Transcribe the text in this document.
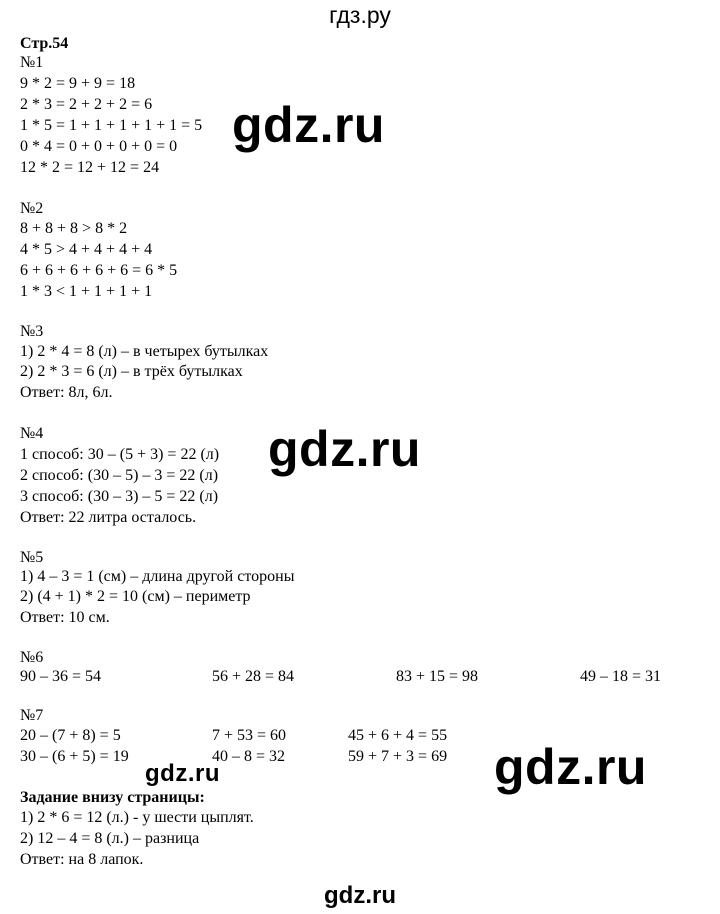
гдз.ру
Стр.54
№1
9 * 2 = 9 + 9 = 18
2 * 3 = 2 + 2 + 2 = 6
1 * 5 = 1 + 1 + 1 + 1 + 1 = 5
0 * 4 = 0 + 0 + 0 + 0 = 0
12 * 2 = 12 + 12 = 24
№2
8 + 8 + 8 > 8 * 2
4 * 5 > 4 + 4 + 4 + 4
6 + 6 + 6 + 6 + 6 = 6 * 5
1 * 3 < 1 + 1 + 1 + 1
№3
1) 2 * 4 = 8 (л) – в четырех бутылках
2) 2 * 3 = 6 (л) – в трёх бутылках
Ответ: 8л, 6л.
№4
1 способ: 30 – (5 + 3) = 22 (л)
2 способ: (30 – 5) – 3 = 22 (л)
3 способ: (30 – 3) – 5 = 22 (л)
Ответ: 22 литра осталось.
№5
1) 4 – 3 = 1 (см) – длина другой стороны
2) (4 + 1) * 2 = 10 (см) – периметр
Ответ: 10 см.
№6
90 – 36 = 54	56 + 28 = 84	83 + 15 = 98	49 – 18 = 31
№7
20 – (7 + 8) = 5	7 + 53 = 60	45 + 6 + 4 = 55
30 – (6 + 5) = 19	40 – 8 = 32	59 + 7 + 3 = 69
Задание внизу страницы:
1) 2 * 6 = 12 (л.) - у шести цыплят.
2) 12 – 4 = 8 (л.) – разница
Ответ: на 8 лапок.
gdz.ru
gdz.ru
gdz.ru
gdz.ru
gdz.ru
